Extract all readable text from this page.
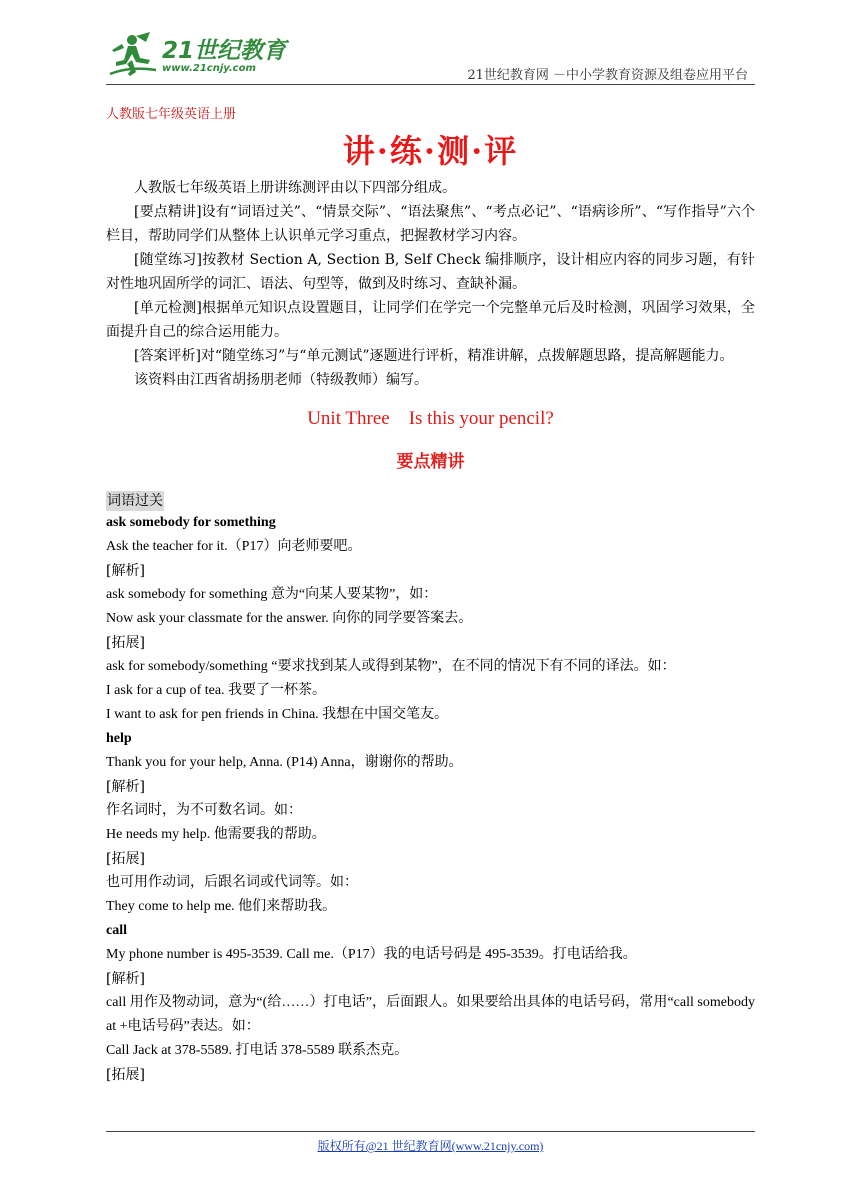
21世纪教育
www.21cnjy.com	21世纪教育网 －中小学教育资源及组卷应用平台
人教版七年级英语上册
讲·练·测·评
人教版七年级英语上册讲练测评由以下四部分组成。
[要点精讲]设有“词语过关”、“情景交际”、“语法聚焦”、“考点必记”、“语病诊所”、“写作指导”六个栏目，帮助同学们从整体上认识单元学习重点，把握教材学习内容。
[随堂练习]按教材 Section A, Section B, Self Check 编排顺序，设计相应内容的同步习题，有针对性地巩固所学的词汇、语法、句型等，做到及时练习、查缺补漏。
[单元检测]根据单元知识点设置题目，让同学们在学完一个完整单元后及时检测，巩固学习效果，全面提升自己的综合运用能力。
[答案评析]对“随堂练习”与“单元测试”逐题进行评析，精准讲解，点拨解题思路，提高解题能力。
该资料由江西省胡扬朋老师（特级教师）编写。
Unit Three    Is this your pencil?
要点精讲
词语过关
ask somebody for something
Ask the teacher for it.（P17）向老师要吧。
[解析]
ask somebody for something 意为“向某人要某物”，如：
Now ask your classmate for the answer. 向你的同学要答案去。
[拓展]
ask for somebody/something “要求找到某人或得到某物”，在不同的情况下有不同的译法。如：
I ask for a cup of tea. 我要了一杯茶。
I want to ask for pen friends in China. 我想在中国交笔友。
help
Thank you for your help, Anna. (P14) Anna，谢谢你的帮助。
[解析]
作名词时，为不可数名词。如：
He needs my help. 他需要我的帮助。
[拓展]
也可用作动词，后跟名词或代词等。如：
They come to help me. 他们来帮助我。
call
My phone number is 495-3539. Call me.（P17）我的电话号码是 495-3539。打电话给我。
[解析]
call 用作及物动词，意为“(给……）打电话”，后面跟人。如果要给出具体的电话号码，常用“call somebody at +电话号码”表达。如：
Call Jack at 378-5589. 打电话 378-5589 联系杰克。
[拓展]
版权所有@21 世纪教育网(www.21cnjy.com)
